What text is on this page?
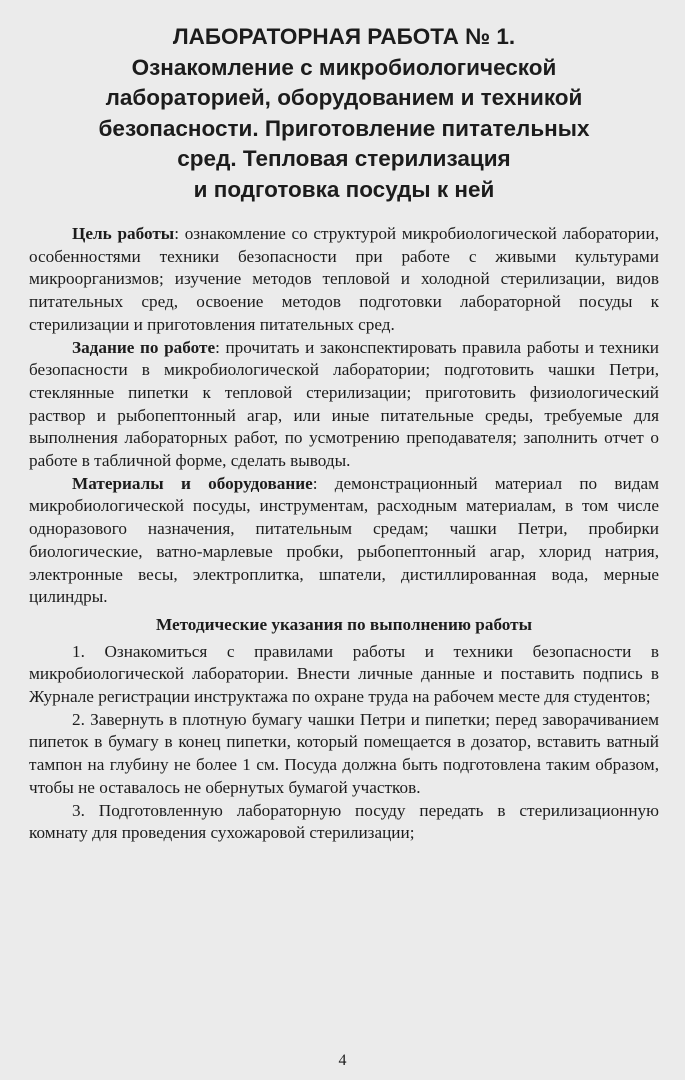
ЛАБОРАТОРНАЯ РАБОТА № 1.
Ознакомление с микробиологической
лабораторией, оборудованием и техникой
безопасности. Приготовление питательных
сред. Тепловая стерилизация
и подготовка посуды к ней

Цель работы: ознакомление со структурой микробиологической лаборатории, особенностями техники безопасности при работе с живыми культурами микроорганизмов; изучение методов тепловой и холодной стерилизации, видов питательных сред, освоение методов подготовки лабораторной посуды к стерилизации и приготовления питательных сред.

Задание по работе: прочитать и законспектировать правила работы и техники безопасности в микробиологической лаборатории; подготовить чашки Петри, стеклянные пипетки к тепловой стерилизации; приготовить физиологический раствор и рыбопептонный агар, или иные питательные среды, требуемые для выполнения лабораторных работ, по усмотрению преподавателя; заполнить отчет о работе в табличной форме, сделать выводы.

Материалы и оборудование: демонстрационный материал по видам микробиологической посуды, инструментам, расходным материалам, в том числе одноразового назначения, питательным средам; чашки Петри, пробирки биологические, ватно-марлевые пробки, рыбопептонный агар, хлорид натрия, электронные весы, электроплитка, шпатели, дистиллированная вода, мерные цилиндры.

Методические указания по выполнению работы

1. Ознакомиться с правилами работы и техники безопасности в микробиологической лаборатории. Внести личные данные и поставить подпись в Журнале регистрации инструктажа по охране труда на рабочем месте для студентов;

2. Завернуть в плотную бумагу чашки Петри и пипетки; перед заворачиванием пипеток в бумагу в конец пипетки, который помещается в дозатор, вставить ватный тампон на глубину не более 1 см. Посуда должна быть подготовлена таким образом, чтобы не оставалось не обернутых бумагой участков.

3. Подготовленную лабораторную посуду передать в стерилизационную комнату для проведения сухожаровой стерилизации;

4
